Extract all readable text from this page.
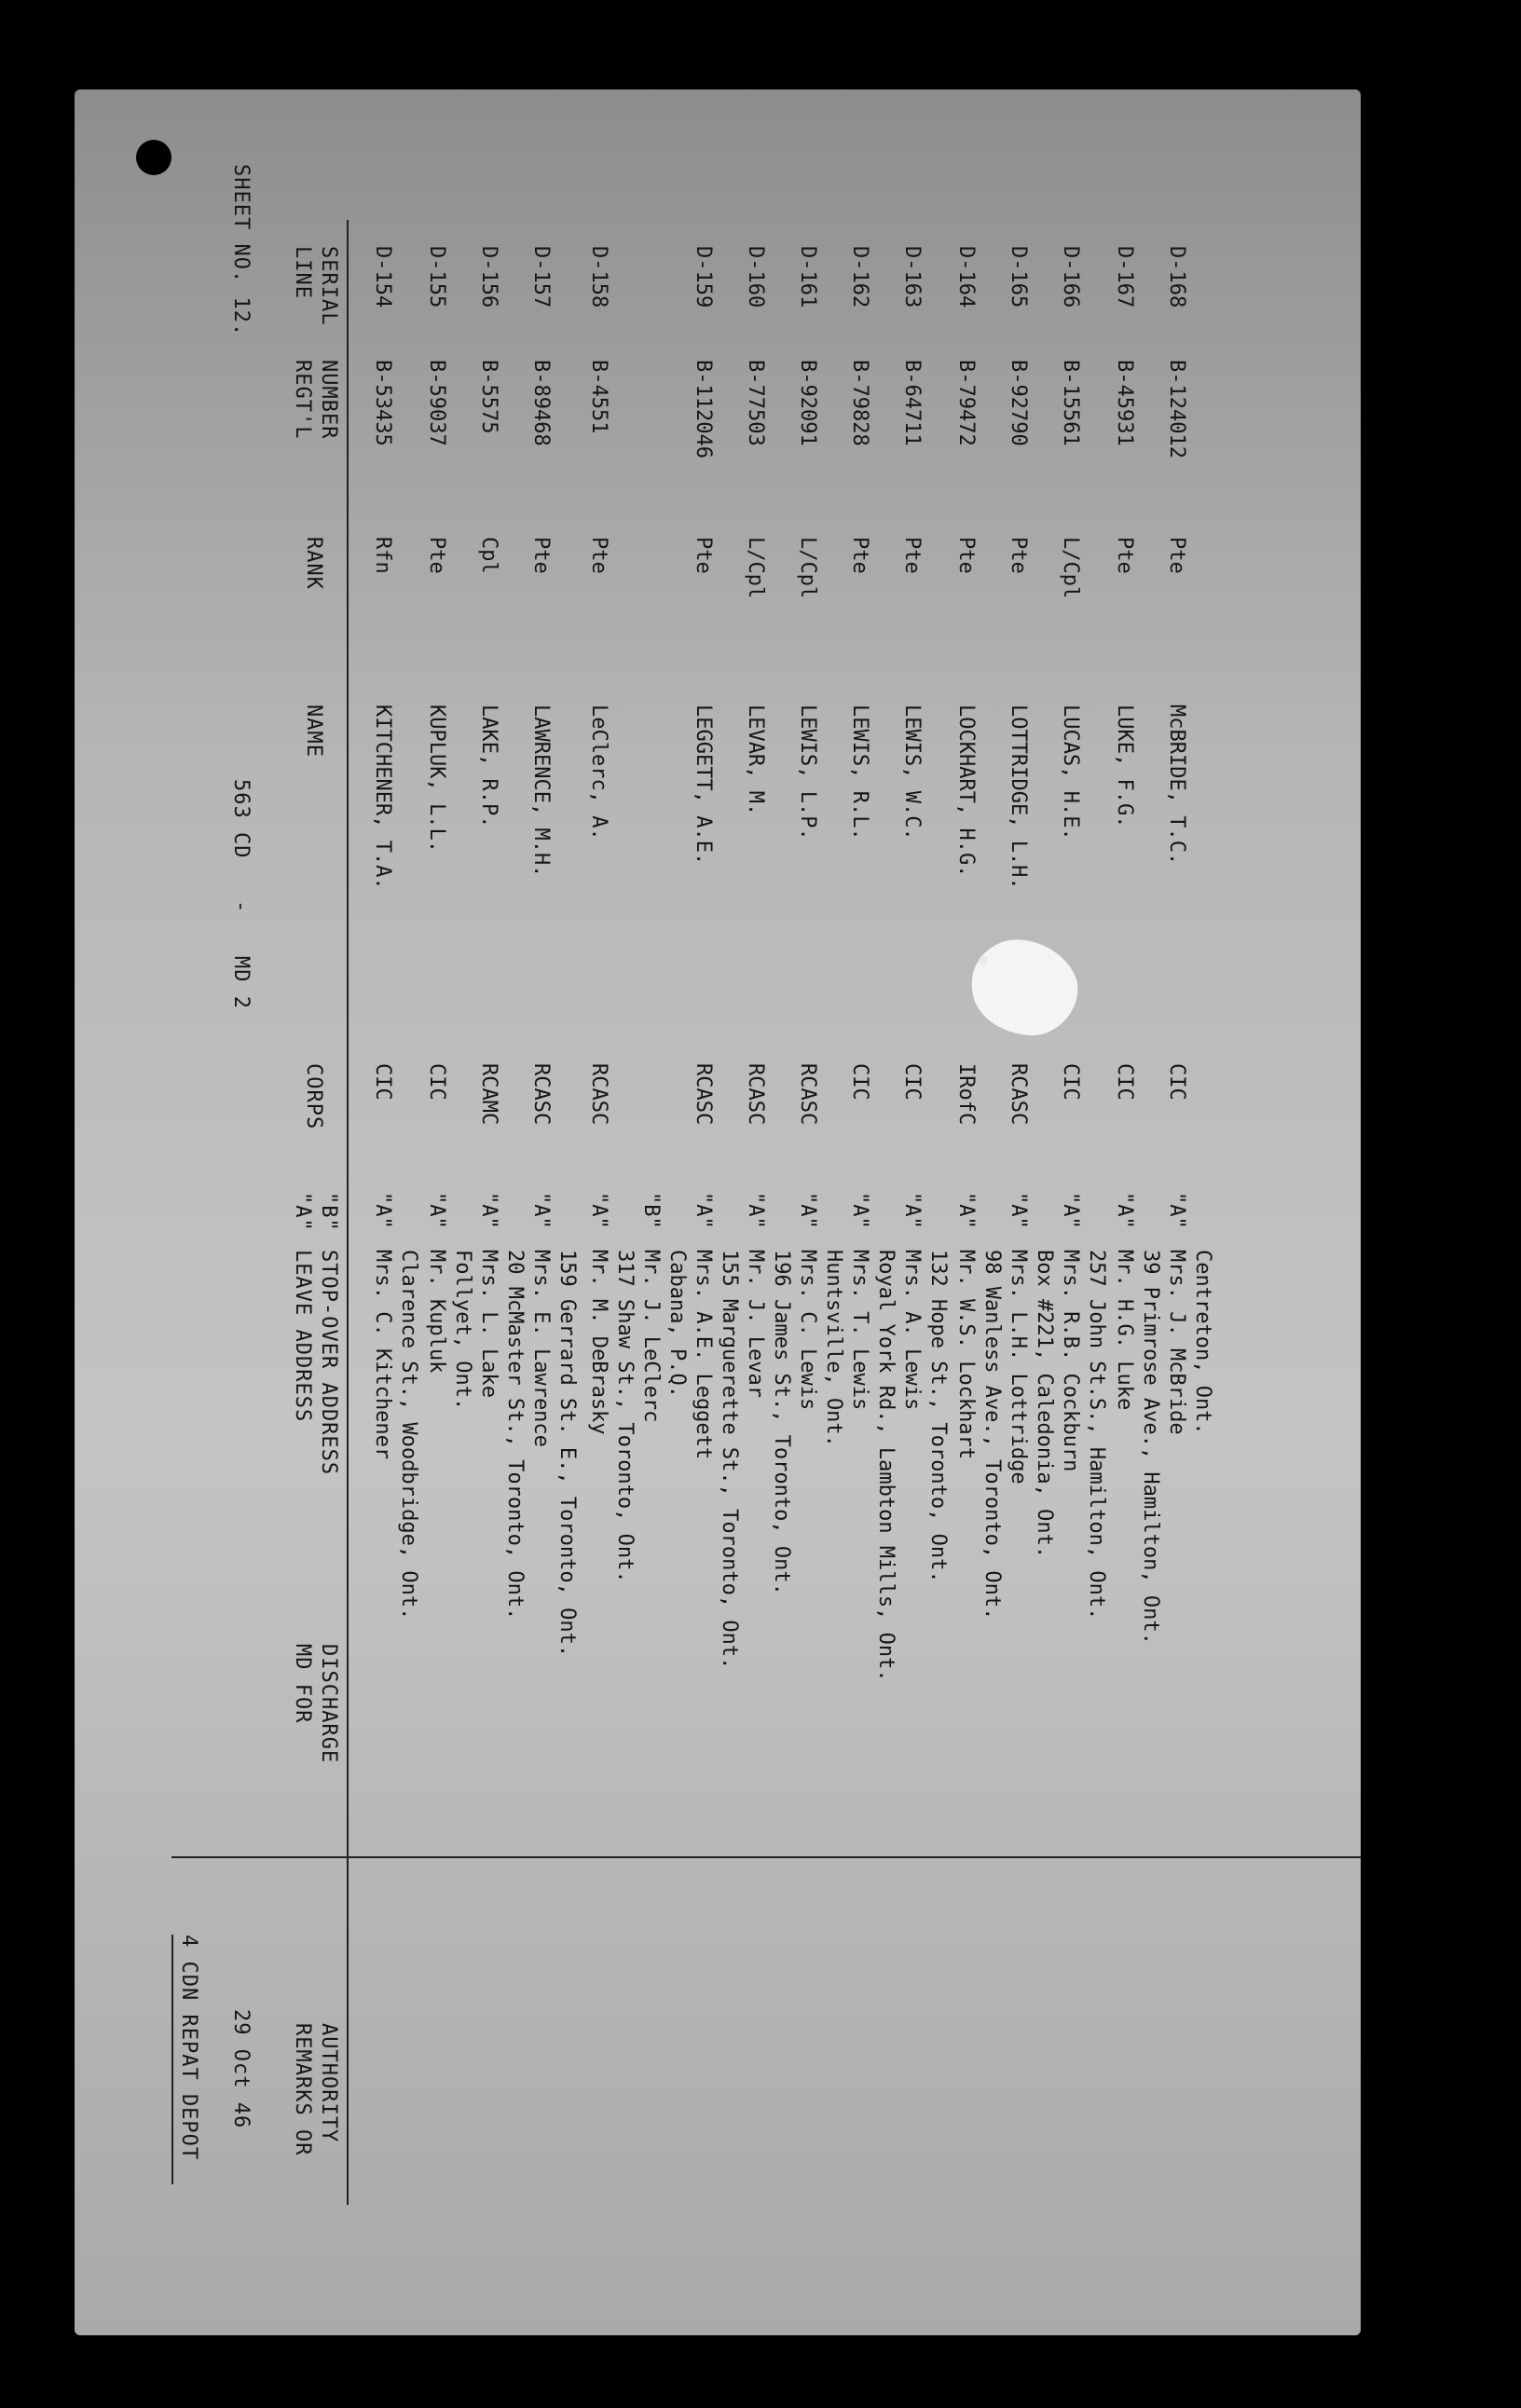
SHEET NO. 12.
563 CD
-
MD 2
4 CDN REPAT DEPOT 29 Oct 46
LINE SERIAL
REGT'L NUMBER
RANK
NAME
CORPS
"A" "B"
LEAVE ADDRESS STOP-OVER ADDRESS
MD FOR DISCHARGE
REMARKS OR AUTHORITY
D-154
B-53435
Rfn
KITCHENER, T.A.
CIC
"A"
Mrs. C. Kitchener Clarence St., Woodbridge, Ont.
D-155
B-59037
Pte
KUPLUK, L.L.
CIC
"A"
Mr. Kupluk Follyet, Ont.
D-156
B-5575
Cpl
LAKE, R.P.
RCAMC
"A"
Mrs. L. Lake 20 McMaster St., Toronto, Ont.
D-157
B-89468
Pte
LAWRENCE, M.H.
RCASC
"A"
Mrs. E. Lawrence 159 Gerrard St. E., Toronto, Ont.
D-158
B-4551
Pte
LeClerc, A.
RCASC
"A" "B"
Mr. M. DeBrasky 317 Shaw St., Toronto, Ont. Mr. J. LeClerc Cabana, P.Q.
D-159
B-112046
Pte
LEGGETT, A.E.
RCASC
"A"
Mrs. A.E. Leggett 155 Marguerette St., Toronto, Ont.
D-160
B-77503
L/Cpl
LEVAR, M.
RCASC
"A"
Mr. J. Levar 196 James St., Toronto, Ont.
D-161
B-92091
L/Cpl
LEWIS, L.P.
RCASC
"A"
Mrs. C. Lewis Huntsville, Ont.
D-162
B-79828
Pte
LEWIS, R.L.
CIC
"A"
Mrs. T. Lewis Royal York Rd., Lambton Mills, Ont.
D-163
B-64711
Pte
LEWIS, W.C.
CIC
"A"
Mrs. A. Lewis 132 Hope St., Toronto, Ont.
D-164
B-79472
Pte
LOCKHART, H.G.
IRofC
"A"
Mr. W.S. Lockhart 98 Wanless Ave., Toronto, Ont.
D-165
B-92790
Pte
LOTTRIDGE, L.H.
RCASC
"A"
Mrs. L.H. Lottridge Box #221, Caledonia, Ont.
D-166
B-15561
L/Cpl
LUCAS, H.E.
CIC
"A"
Mrs. R.B. Cockburn 257 John St.S., Hamilton, Ont.
D-167
B-45931
Pte
LUKE, F.G.
CIC
"A"
Mr. H.G. Luke 39 Primrose Ave., Hamilton, Ont.
D-168
B-124012
Pte
McBRIDE, T.C.
CIC
"A"
Mrs. J. McBride Centreton, Ont.
